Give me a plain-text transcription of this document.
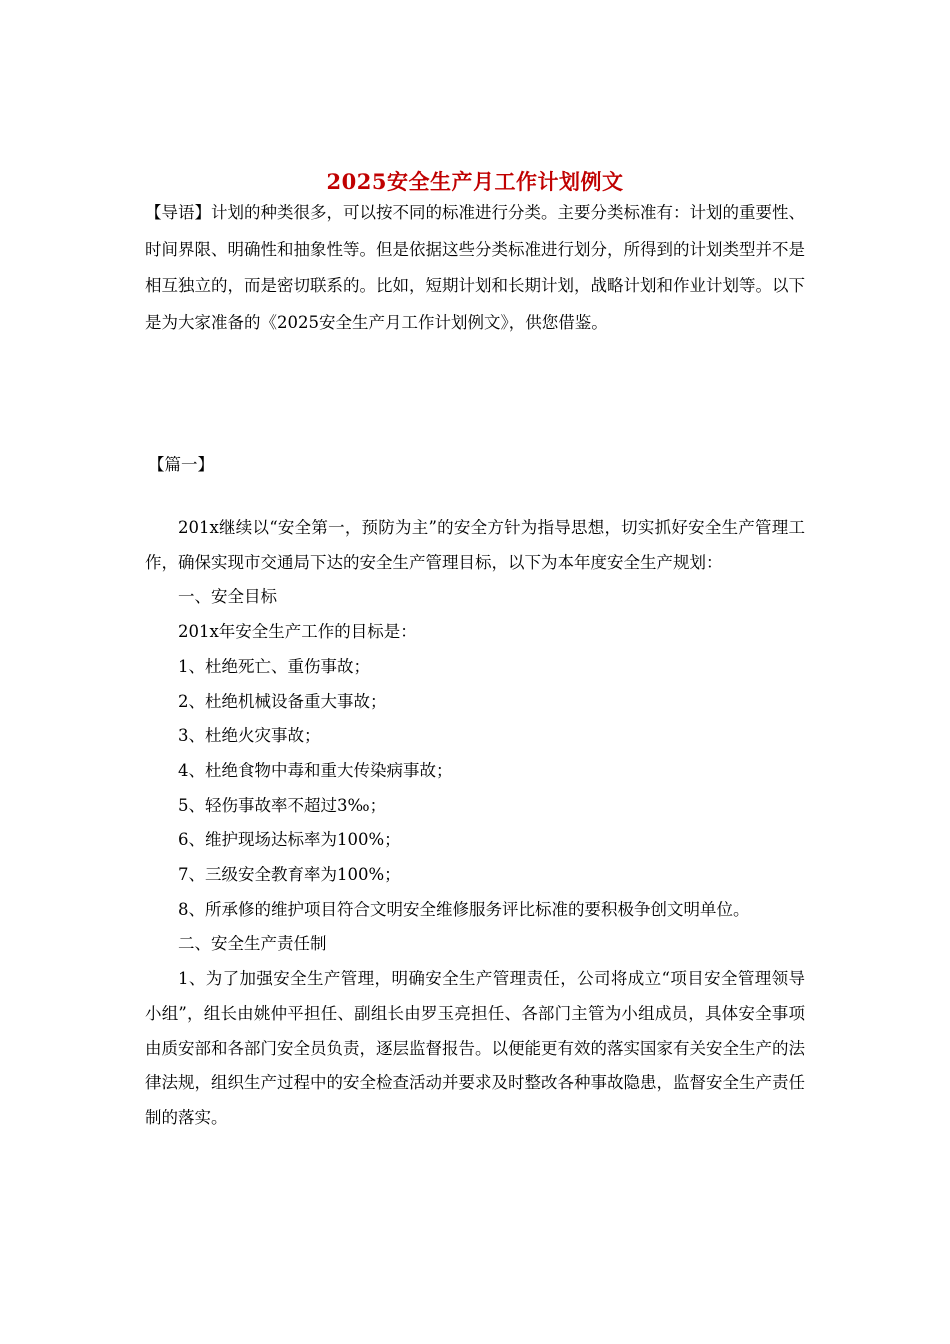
2025安全生产月工作计划例文

【导语】计划的种类很多，可以按不同的标准进行分类。主要分类标准有：计划的重要性、时间界限、明确性和抽象性等。但是依据这些分类标准进行划分，所得到的计划类型并不是相互独立的，而是密切联系的。比如，短期计划和长期计划，战略计划和作业计划等。以下是为大家准备的《2025安全生产月工作计划例文》，供您借鉴。

【篇一】

201x继续以“安全第一，预防为主”的安全方针为指导思想，切实抓好安全生产管理工作，确保实现市交通局下达的安全生产管理目标，以下为本年度安全生产规划：

一、安全目标

201x年安全生产工作的目标是：

1、杜绝死亡、重伤事故；

2、杜绝机械设备重大事故；

3、杜绝火灾事故；

4、杜绝食物中毒和重大传染病事故；

5、轻伤事故率不超过3‰；

6、维护现场达标率为100%；

7、三级安全教育率为100%；

8、所承修的维护项目符合文明安全维修服务评比标准的要积极争创文明单位。

二、安全生产责任制

1、为了加强安全生产管理，明确安全生产管理责任，公司将成立“项目安全管理领导小组”，组长由姚仲平担任、副组长由罗玉亮担任、各部门主管为小组成员，具体安全事项由质安部和各部门安全员负责，逐层监督报告。以便能更有效的落实国家有关安全生产的法律法规，组织生产过程中的安全检查活动并要求及时整改各种事故隐患，监督安全生产责任制的落实。
